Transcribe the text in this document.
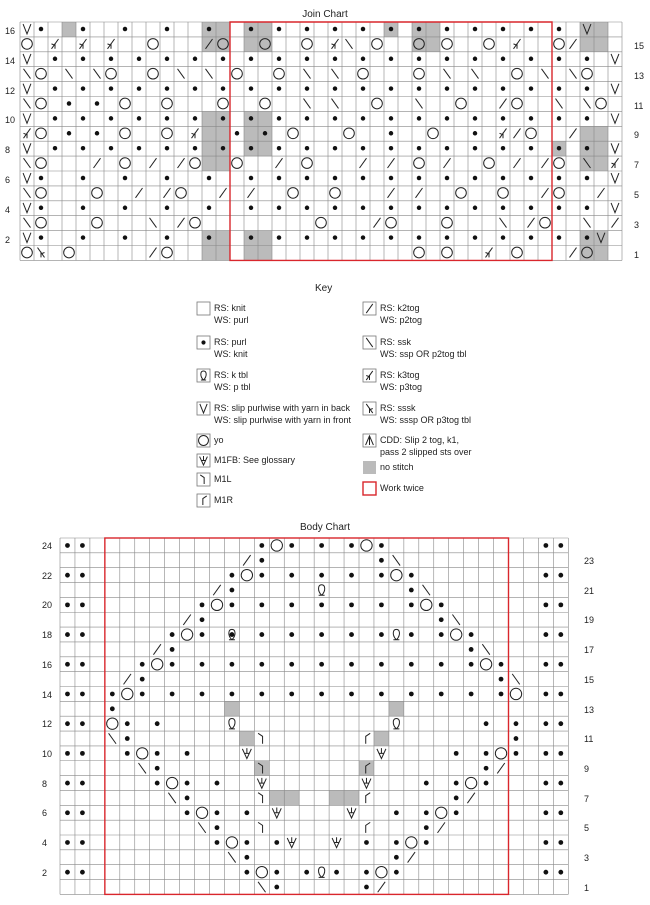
Join Chart
16
14
12
10
8
6
4
2
15
13
11
9
7
5
3
1
Key
RS: knit
WS: purl
RS: purl
WS: knit
RS: k tbl
WS: p tbl
RS: slip purlwise with yarn in back
WS: slip purlwise with yarn in front
yo
M1FB: See glossary
M1L
M1R
RS: k2tog
WS: p2tog
RS: ssk
WS: ssp OR p2tog tbl
RS: k3tog
WS: p3tog
RS: sssk
WS: sssp OR p3tog tbl
CDD: Slip 2 tog, k1,
pass 2 slipped sts over
no stitch
Work twice
Body Chart
24
22
20
18
16
14
12
10
8
6
4
2
23
21
19
17
15
13
11
9
7
5
3
1
